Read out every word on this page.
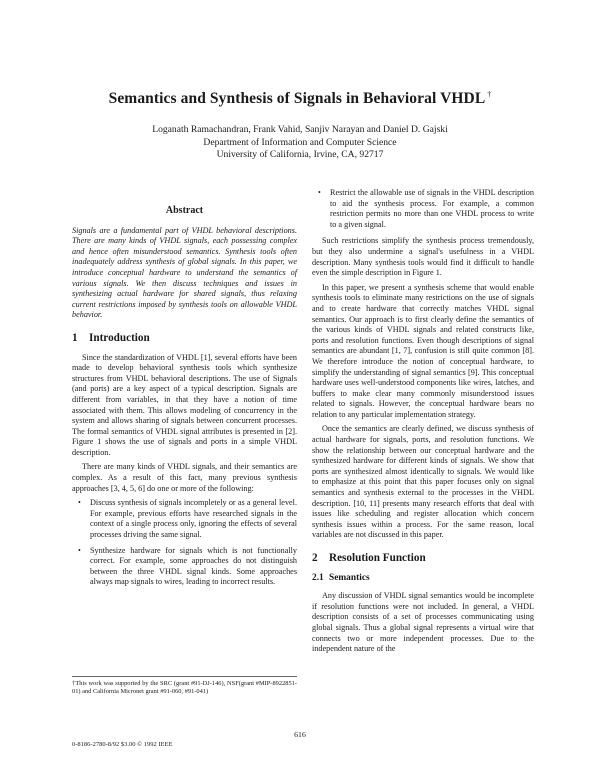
Semantics and Synthesis of Signals in Behavioral VHDL †
Loganath Ramachandran, Frank Vahid, Sanjiv Narayan and Daniel D. Gajski
Department of Information and Computer Science
University of California, Irvine, CA, 92717
Abstract

Signals are a fundamental part of VHDL behavioral descriptions. There are many kinds of VHDL signals, each possessing complex and hence often misunderstood semantics. Synthesis tools often inadequately address synthesis of global signals. In this paper, we introduce conceptual hardware to understand the semantics of various signals. We then discuss techniques and issues in synthesizing actual hardware for shared signals, thus relaxing current restrictions imposed by synthesis tools on allowable VHDL behavior.

1 Introduction

Since the standardization of VHDL [1], several efforts have been made to develop behavioral synthesis tools which synthesize structures from VHDL behavioral descriptions. The use of Signals (and ports) are a key aspect of a typical description. Signals are different from variables, in that they have a notion of time associated with them. This allows modeling of concurrency in the system and allows sharing of signals between concurrent processes. The formal semantics of VHDL signal attributes is presented in [2]. Figure 1 shows the use of signals and ports in a simple VHDL description.

There are many kinds of VHDL signals, and their semantics are complex. As a result of this fact, many previous synthesis approaches [3, 4, 5, 6] do one or more of the following:

• Discuss synthesis of signals incompletely or as a general level. For example, previous efforts have researched signals in the context of a single process only, ignoring the effects of several processes driving the same signal.
• Synthesize hardware for signals which is not functionally correct. For example, some approaches do not distinguish between the three VHDL signal kinds. Some approaches always map signals to wires, leading to incorrect results.
†This work was supported by the SRC (grant #91-DJ-146), NSF(grant #MIP-8922851-01) and California Micronet grant #91-060, #91-041)
• Restrict the allowable use of signals in the VHDL description to aid the synthesis process. For example, a common restriction permits no more than one VHDL process to write to a given signal.

Such restrictions simplify the synthesis process tremendously, but they also undermine a signal's usefulness in a VHDL description. Many synthesis tools would find it difficult to handle even the simple description in Figure 1.

In this paper, we present a synthesis scheme that would enable synthesis tools to eliminate many restrictions on the use of signals and to create hardware that correctly matches VHDL signal semantics. Our approach is to first clearly define the semantics of the various kinds of VHDL signals and related constructs like, ports and resolution functions. Even though descriptions of signal semantics are abundant [1, 7], confusion is still quite common [8]. We therefore introduce the notion of conceptual hardware, to simplify the understanding of signal semantics [9]. This conceptual hardware uses well-understood components like wires, latches, and buffers to make clear many commonly misunderstood issues related to signals. However, the conceptual hardware bears no relation to any particular implementation strategy.

Once the semantics are clearly defined, we discuss synthesis of actual hardware for signals, ports, and resolution functions. We show the relationship between our conceptual hardware and the synthesized hardware for different kinds of signals. We show that ports are synthesized almost identically to signals. We would like to emphasize at this point that this paper focuses only on signal semantics and synthesis external to the processes in the VHDL description. [10, 11] presents many research efforts that deal with issues like scheduling and register allocation which concern synthesis issues within a process. For the same reason, local variables are not discussed in this paper.

2 Resolution Function
2.1 Semantics

Any discussion of VHDL signal semantics would be incomplete if resolution functions were not included. In general, a VHDL description consists of a set of processes communicating using global signals. Thus a global signal represents a virtual wire that connects two or more independent processes. Due to the independent nature of the

616
0-8186-2780-8/92 $3.00 © 1992 IEEE
